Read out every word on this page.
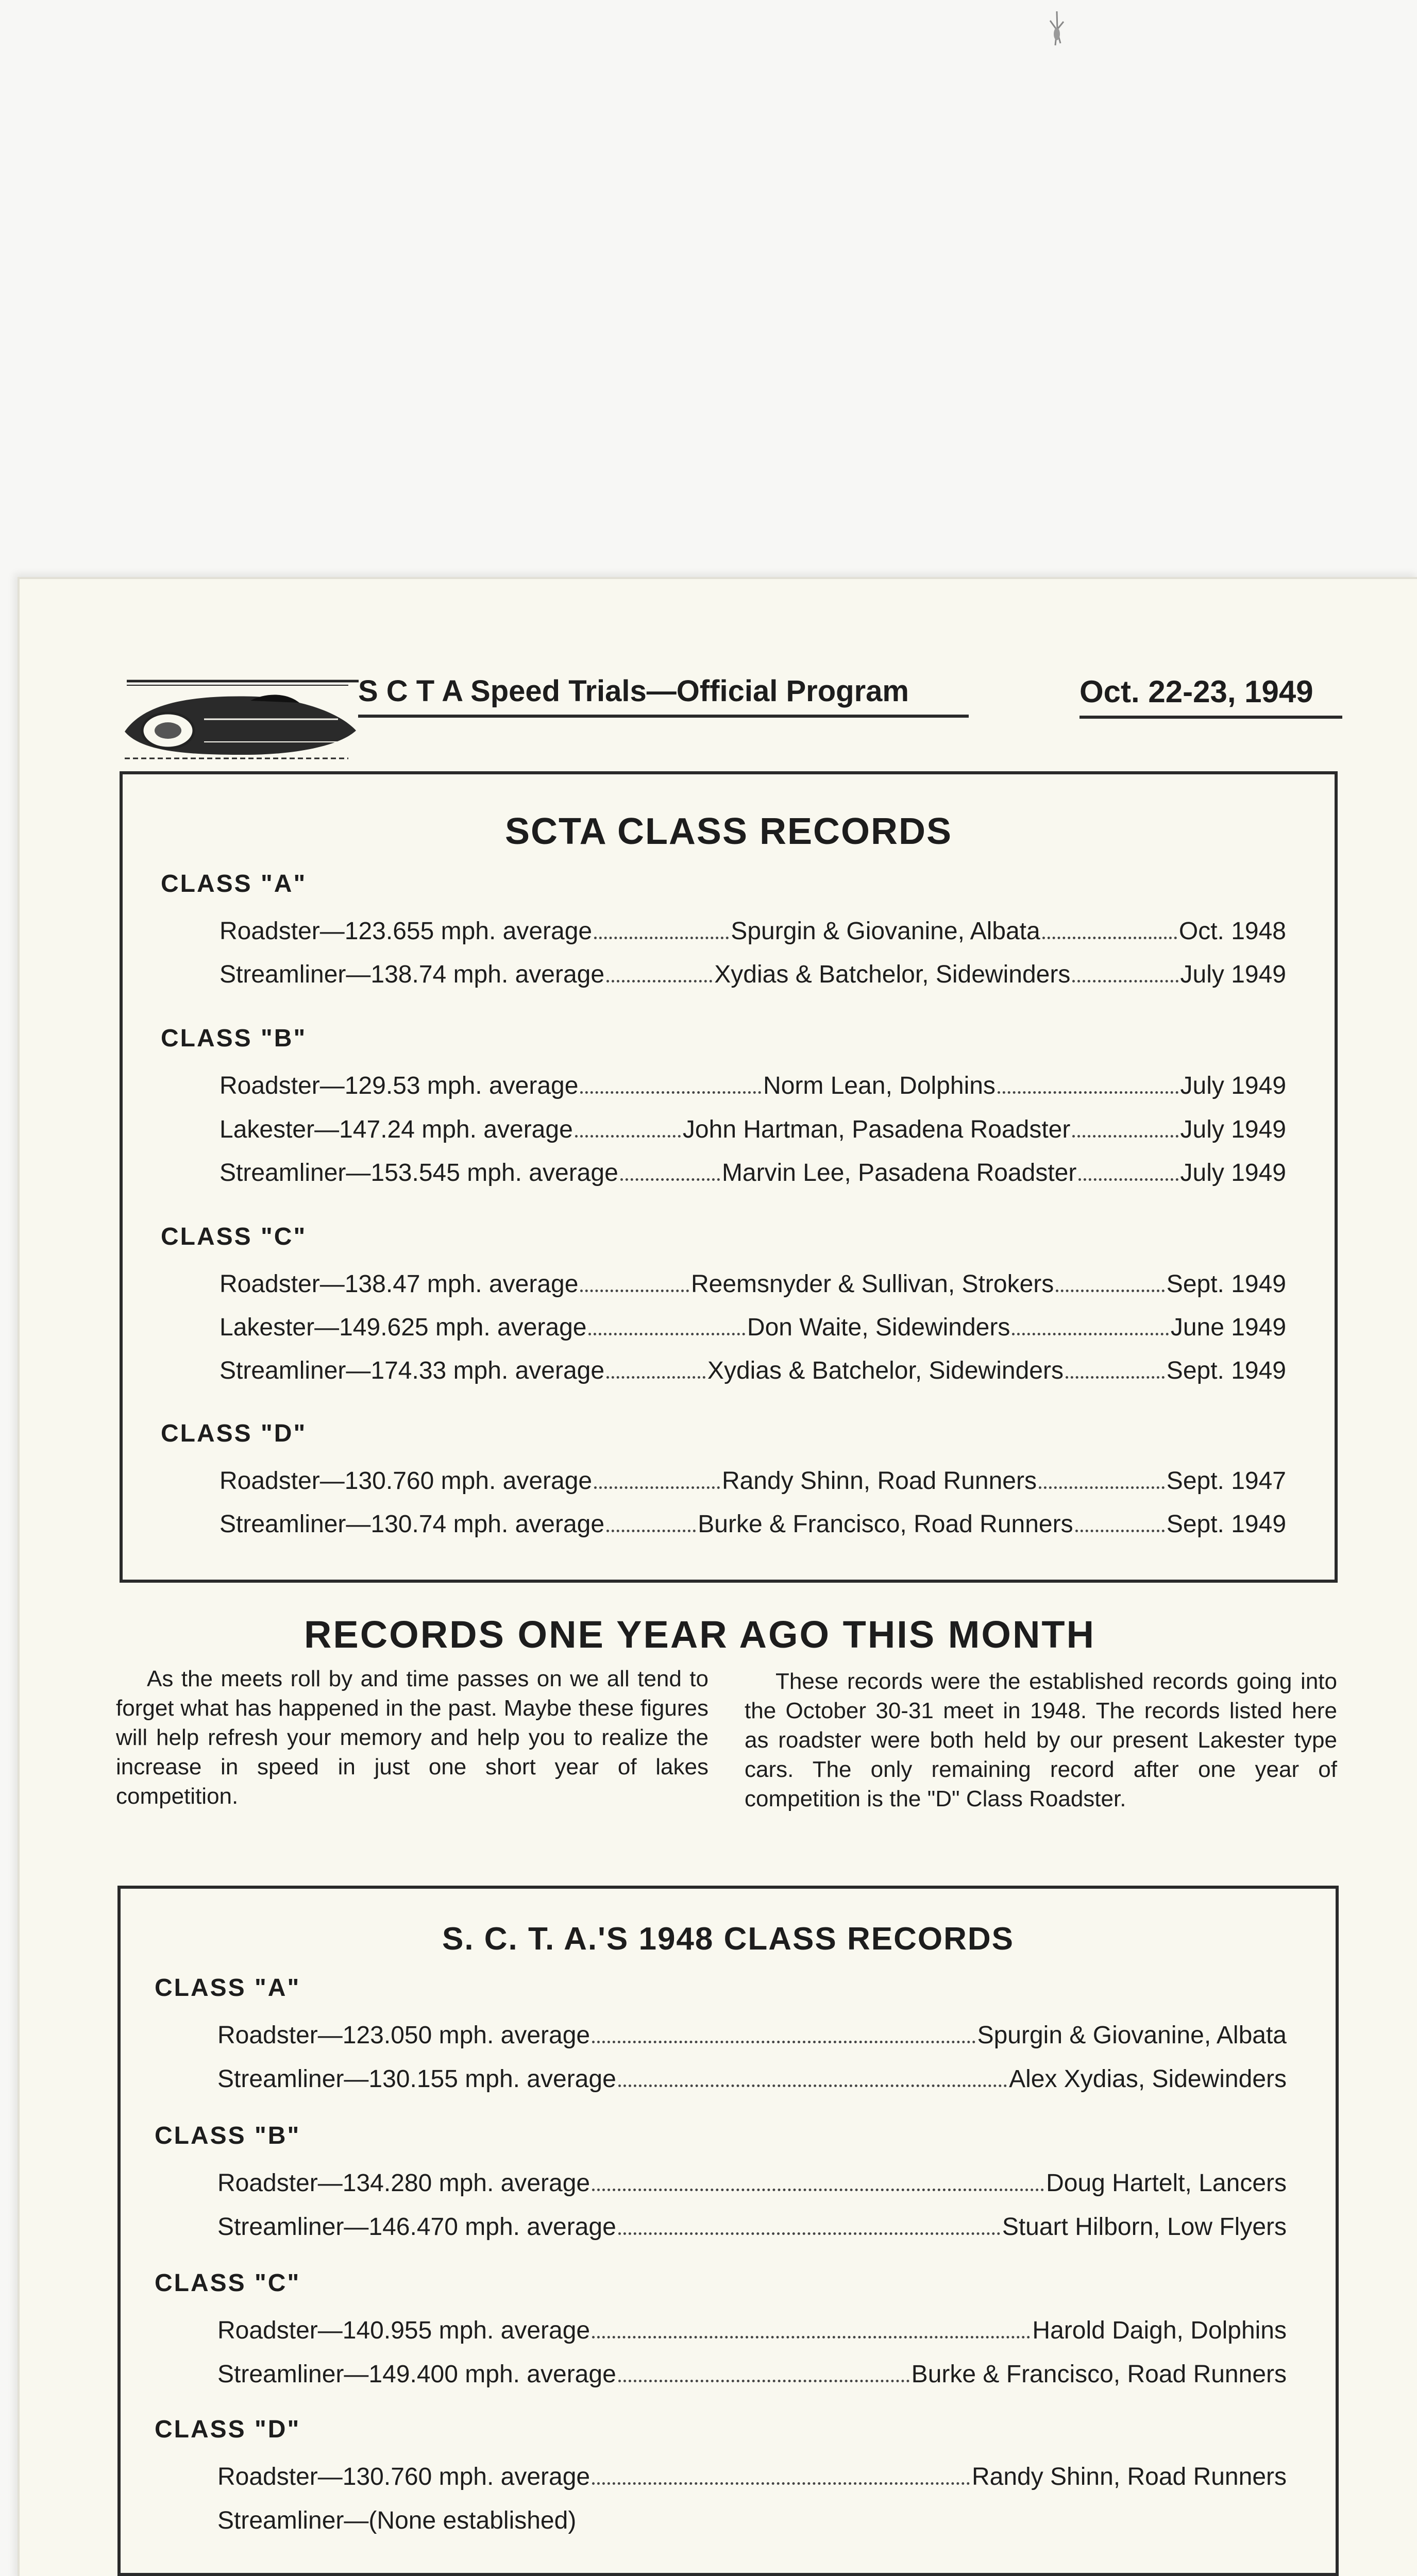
S C T A Speed Trials—Official Program	Oct. 22-23, 1949
SCTA CLASS RECORDS
CLASS "A"
Roadster—123.655 mph. average	Spurgin & Giovanine, Albata	Oct. 1948
Streamliner—138.74 mph. average	Xydias & Batchelor, Sidewinders	July 1949
CLASS "B"
Roadster—129.53 mph. average	Norm Lean, Dolphins	July 1949
Lakester—147.24 mph. average	John Hartman, Pasadena Roadster	July 1949
Streamliner—153.545 mph. average	Marvin Lee, Pasadena Roadster	July 1949
CLASS "C"
Roadster—138.47 mph. average	Reemsnyder & Sullivan, Strokers	Sept. 1949
Lakester—149.625 mph. average	Don Waite, Sidewinders	June 1949
Streamliner—174.33 mph. average	Xydias & Batchelor, Sidewinders	Sept. 1949
CLASS "D"
Roadster—130.760 mph. average	Randy Shinn, Road Runners	Sept. 1947
Streamliner—130.74 mph. average	Burke & Francisco, Road Runners	Sept. 1949
RECORDS ONE YEAR AGO THIS MONTH
As the meets roll by and time passes on we all tend to forget what has happened in the past. Maybe these figures will help refresh your memory and help you to realize the increase in speed in just one short year of lakes competition.
These records were the established records going into the October 30-31 meet in 1948. The records listed here as roadster were both held by our present Lakester type cars. The only remaining record after one year of competition is the "D" Class Roadster.
S. C. T. A.'S 1948 CLASS RECORDS
CLASS "A"
Roadster—123.050 mph. average	Spurgin & Giovanine, Albata
Streamliner—130.155 mph. average	Alex Xydias, Sidewinders
CLASS "B"
Roadster—134.280 mph. average	Doug Hartelt, Lancers
Streamliner—146.470 mph. average	Stuart Hilborn, Low Flyers
CLASS "C"
Roadster—140.955 mph. average	Harold Daigh, Dolphins
Streamliner—149.400 mph. average	Burke & Francisco, Road Runners
CLASS "D"
Roadster—130.760 mph. average	Randy Shinn, Road Runners
Streamliner—(None established)
